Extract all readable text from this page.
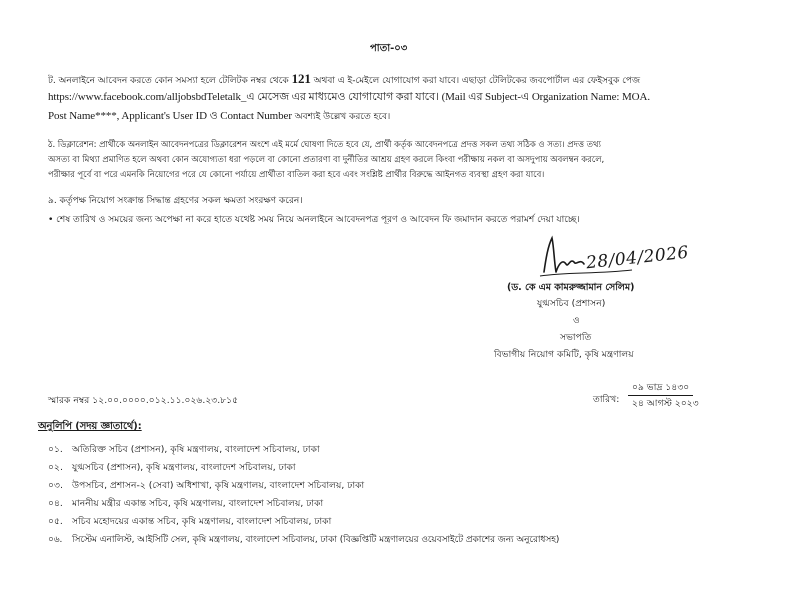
পাতা-০৩
ট. অনলাইনে আবেদন করতে কোন সমস্যা হলে টেলিটক নম্বর থেকে 121 অথবা এ ই-মেইলে যোগাযোগ করা যাবে। এছাড়া টেলিটকের জবপোর্টাল এর ফেইসবুক পেজ
https://www.facebook.com/alljobsbdTeletalk_এ মেসেজ এর মাধ্যমেও যোগাযোগ করা যাবে। (Mail এর Subject-এ Organization Name: MOA.
Post Name****, Applicant's User ID ও Contact Number অবশ্যই উল্লেখ করতে হবে।
ঠ. ডিক্লারেশন: প্রার্থীকে অনলাইন আবেদনপত্রের ডিক্লারেশন অংশে এই মর্মে ঘোষণা দিতে হবে যে, প্রার্থী কর্তৃক আবেদনপত্রে প্রদত্ত সকল তথ্য সঠিক ও সত্য। প্রদত্ত তথ্য
অসত্য বা মিথ্যা প্রমাণিত হলে অথবা কোন অযোগ্যতা ধরা পড়লে বা কোনো প্রতারণা বা দুর্নীতির আশ্রয় গ্রহণ করলে কিংবা পরীক্ষায় নকল বা অসদুপায় অবলম্বন করলে,
পরীক্ষার পূর্বে বা পরে এমনকি নিয়োগের পরে যে কোনো পর্যায়ে প্রার্থীতা বাতিল করা হবে এবং সংশ্লিষ্ট প্রার্থীর বিরুদ্ধে আইনগত ব্যবস্থা গ্রহণ করা যাবে।
৯. কর্তৃপক্ষ নিয়োগ সংক্রান্ত সিদ্ধান্ত গ্রহণের সকল ক্ষমতা সংরক্ষণ করেন।
• শেষ তারিখ ও সময়ের জন্য অপেক্ষা না করে হাতে যথেষ্ট সময় নিয়ে অনলাইনে আবেদনপত্র পূরণ ও আবেদন ফি জমাদান করতে পরামর্শ দেয়া যাচ্ছে।
28/04/2026
(ড. কে এম কামরুজ্জামান সেলিম)
যুগ্মসচিব (প্রশাসন)
ও
সভাপতি
বিভাগীয় নিয়োগ কমিটি, কৃষি মন্ত্রণালয়
স্মারক নম্বর ১২.০০.০০০০.০১২.১১.০২৬.২৩.৮১৫	তারিখ:
০৯ ভাদ্র ১৪৩০
২৪ আগস্ট ২০২৩
অনুলিপি (সদয় জ্ঞাতার্থে):
০১. অতিরিক্ত সচিব (প্রশাসন), কৃষি মন্ত্রণালয়, বাংলাদেশ সচিবালয়, ঢাকা
০২. যুগ্মসচিব (প্রশাসন), কৃষি মন্ত্রণালয়, বাংলাদেশ সচিবালয়, ঢাকা
০৩. উপসচিব, প্রশাসন-২ (সেবা) অধিশাখা, কৃষি মন্ত্রণালয়, বাংলাদেশ সচিবালয়, ঢাকা
০৪. মাননীয় মন্ত্রীর একান্ত সচিব, কৃষি মন্ত্রণালয়, বাংলাদেশ সচিবালয়, ঢাকা
০৫. সচিব মহোদয়ের একান্ত সচিব, কৃষি মন্ত্রণালয়, বাংলাদেশ সচিবালয়, ঢাকা
০৬. সিস্টেম এনালিস্ট, আইসিটি সেল, কৃষি মন্ত্রণালয়, বাংলাদেশ সচিবালয়, ঢাকা (বিজ্ঞপ্তিটি মন্ত্রণালয়ের ওয়েবসাইটে প্রকাশের জন্য অনুরোধসহ)
